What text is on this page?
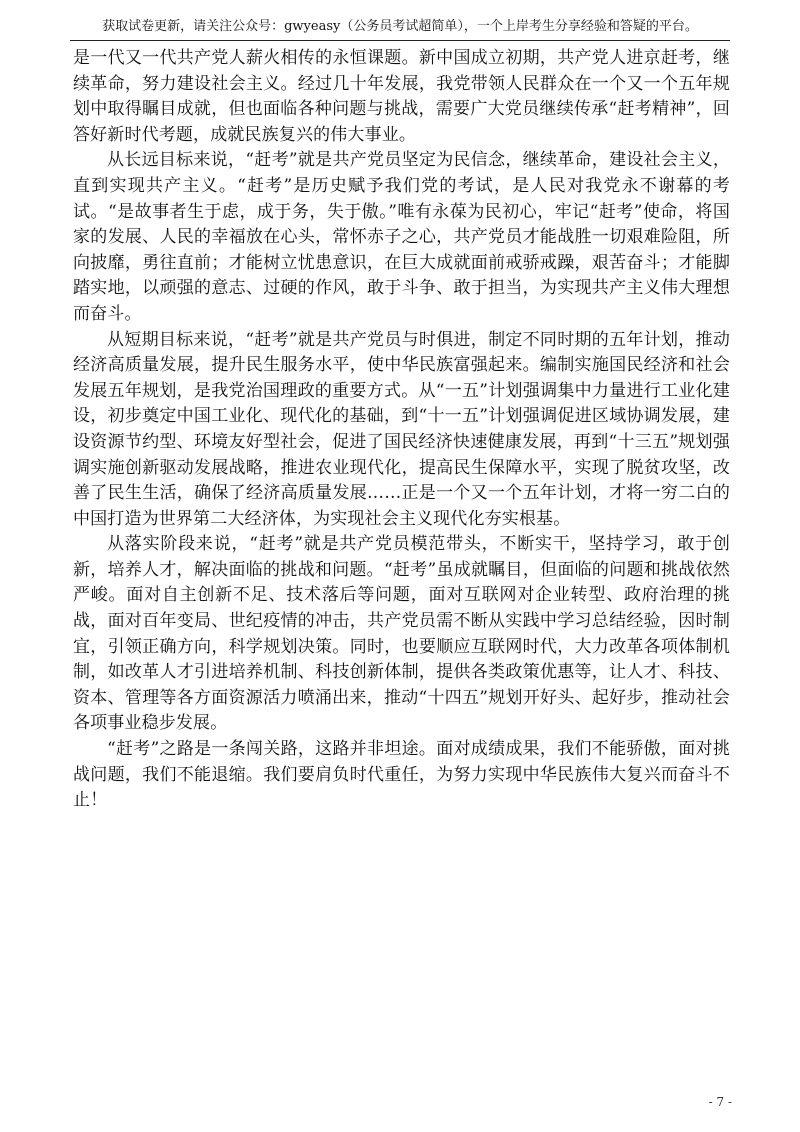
获取试卷更新，请关注公众号：gwyeasy（公务员考试超简单），一个上岸考生分享经验和答疑的平台。

是一代又一代共产党人薪火相传的永恒课题。新中国成立初期，共产党人进京赶考，继续革命，努力建设社会主义。经过几十年发展，我党带领人民群众在一个又一个五年规划中取得瞩目成就，但也面临各种问题与挑战，需要广大党员继续传承“赶考精神”，回答好新时代考题，成就民族复兴的伟大事业。

从长远目标来说，“赶考”就是共产党员坚定为民信念，继续革命，建设社会主义，直到实现共产主义。“赶考”是历史赋予我们党的考试，是人民对我党永不谢幕的考试。“是故事者生于虑，成于务，失于傲。”唯有永葆为民初心，牢记“赶考”使命，将国家的发展、人民的幸福放在心头，常怀赤子之心，共产党员才能战胜一切艰难险阻，所向披靡，勇往直前；才能树立忧患意识，在巨大成就面前戒骄戒躁，艰苦奋斗；才能脚踏实地，以顽强的意志、过硬的作风，敢于斗争、敢于担当，为实现共产主义伟大理想而奋斗。

从短期目标来说，“赶考”就是共产党员与时俱进，制定不同时期的五年计划，推动经济高质量发展，提升民生服务水平，使中华民族富强起来。编制实施国民经济和社会发展五年规划，是我党治国理政的重要方式。从“一五”计划强调集中力量进行工业化建设，初步奠定中国工业化、现代化的基础，到“十一五”计划强调促进区域协调发展，建设资源节约型、环境友好型社会，促进了国民经济快速健康发展，再到“十三五”规划强调实施创新驱动发展战略，推进农业现代化，提高民生保障水平，实现了脱贫攻坚，改善了民生生活，确保了经济高质量发展……正是一个又一个五年计划，才将一穷二白的中国打造为世界第二大经济体，为实现社会主义现代化夯实根基。

从落实阶段来说，“赶考”就是共产党员模范带头，不断实干，坚持学习，敢于创新，培养人才，解决面临的挑战和问题。“赶考”虽成就瞩目，但面临的问题和挑战依然严峻。面对自主创新不足、技术落后等问题，面对互联网对企业转型、政府治理的挑战，面对百年变局、世纪疫情的冲击，共产党员需不断从实践中学习总结经验，因时制宜，引领正确方向，科学规划决策。同时，也要顺应互联网时代，大力改革各项体制机制，如改革人才引进培养机制、科技创新体制，提供各类政策优惠等，让人才、科技、资本、管理等各方面资源活力喷涌出来，推动“十四五”规划开好头、起好步，推动社会各项事业稳步发展。

“赶考”之路是一条闯关路，这路并非坦途。面对成绩成果，我们不能骄傲，面对挑战问题，我们不能退缩。我们要肩负时代重任，为努力实现中华民族伟大复兴而奋斗不止！

- 7 -
